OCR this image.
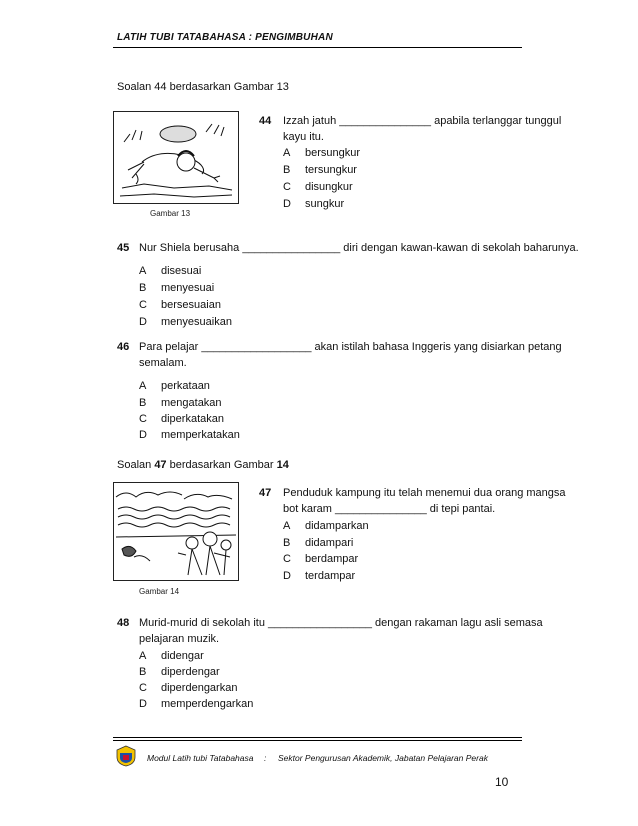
LATIH TUBI TATABAHASA : PENGIMBUHAN
Soalan 44 berdasarkan Gambar 13
Gambar 13
44 Izzah jatuh _______________ apabila terlanggar tunggul
kayu itu.
A bersungkur
B tersungkur
C disungkur
D sungkur
45 Nur Shiela berusaha ________________ diri dengan kawan-kawan di sekolah baharunya.
A disesuai
B menyesuai
C bersesuaian
D menyesuaikan
46 Para pelajar __________________ akan istilah bahasa Inggeris yang disiarkan petang
semalam.
A perkataan
B mengatakan
C diperkatakan
D memperkatakan
Soalan 47 berdasarkan Gambar 14
Gambar 14
47 Penduduk kampung itu telah menemui dua orang mangsa
bot karam _______________ di tepi pantai.
A didamparkan
B didampari
C berdampar
D terdampar
48 Murid-murid di sekolah itu _________________ dengan rakaman lagu asli semasa
pelajaran muzik.
A didengar
B diperdengar
C diperdengarkan
D memperdengarkan
Modul Latih tubi Tatabahasa : Sektor Pengurusan Akademik, Jabatan Pelajaran Perak
10
